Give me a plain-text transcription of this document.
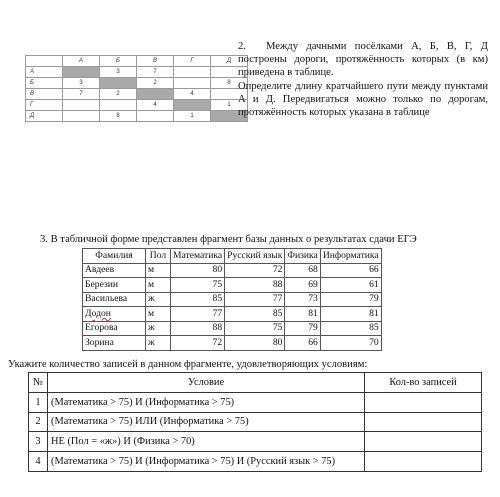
	А	Б	В	Г	Д
А		3	7		
Б	3		2		8
В	7	2		4	
Г			4		1
Д		8		1	

2. Между дачными посёлками А, Б, В, Г, Д построены дороги, протяжённость которых (в км) приведена в таблице.

Определите длину кратчайшего пути между пунктами А и Д. Передвигаться можно только по дорогам, протяжённость которых указана в таблице

3. В табличной форме представлен фрагмент базы данных о результатах сдачи ЕГЭ
Фамилия	Пол	Математика	Русский язык	Физика	Информатика
Авдеев	м	80	72	68	66
Березин	м	75	88	69	61
Васильева	ж	85	77	73	79
Додон	м	77	85	81	81
Егорова	ж	88	75	79	85
Зорина	ж	72	80	66	70
Укажите количество записей в данном фрагменте, удовлетворяющих условиям:
№	Условие	Кол-во записей
1	(Математика > 75) И (Информатика > 75)	
2	(Математика > 75) ИЛИ (Информатика > 75)	
3	НЕ (Пол = «ж») И (Физика > 70)	
4	(Математика > 75) И (Информатика > 75) И (Русский язык > 75)	
